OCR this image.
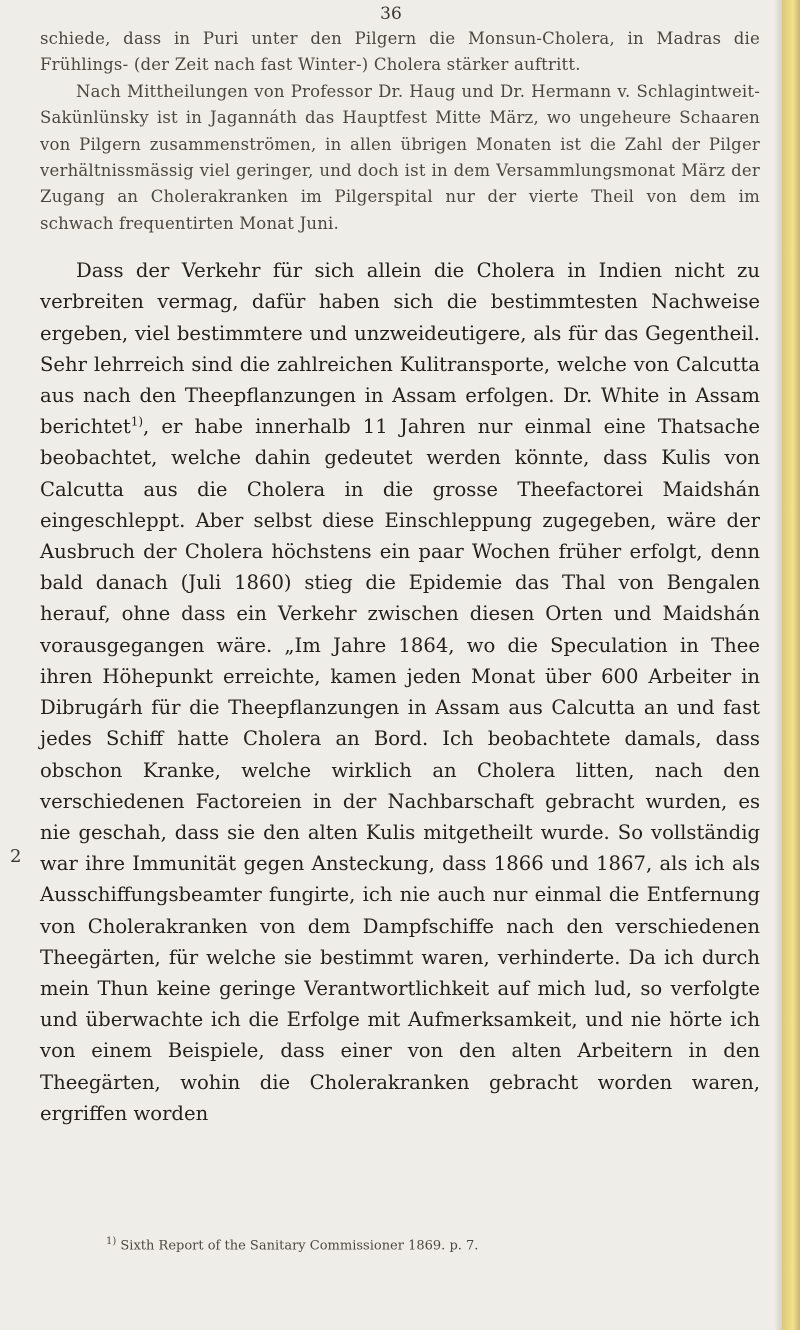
36

schiede, dass in Puri unter den Pilgern die Monsun-Cholera, in Madras die Frühlings- (der Zeit nach fast Winter-) Cholera stärker auftritt.

Nach Mittheilungen von Professor Dr. Haug und Dr. Hermann v. Schlagintweit-Sakünlünsky ist in Jagannáth das Hauptfest Mitte März, wo ungeheure Schaaren von Pilgern zusammenströmen, in allen übrigen Monaten ist die Zahl der Pilger verhältnissmässig viel geringer, und doch ist in dem Versammlungsmonat März der Zugang an Cholerakranken im Pilgerspital nur der vierte Theil von dem im schwach frequentirten Monat Juni.

Dass der Verkehr für sich allein die Cholera in Indien nicht zu verbreiten vermag, dafür haben sich die bestimmtesten Nachweise ergeben, viel bestimmtere und unzweideutigere, als für das Gegentheil. Sehr lehrreich sind die zahlreichen Kulitransporte, welche von Calcutta aus nach den Theepflanzungen in Assam erfolgen. Dr. White in Assam berichtet$^{1)}$, er habe innerhalb 11 Jahren nur einmal eine Thatsache beobachtet, welche dahin gedeutet werden könnte, dass Kulis von Calcutta aus die Cholera in die grosse Theefactorei Maidshán eingeschleppt. Aber selbst diese Einschleppung zugegeben, wäre der Ausbruch der Cholera höchstens ein paar Wochen früher erfolgt, denn bald danach (Juli 1860) stieg die Epidemie das Thal von Bengalen herauf, ohne dass ein Verkehr zwischen diesen Orten und Maidshán vorausgegangen wäre. „Im Jahre 1864, wo die Speculation in Thee ihren Höhepunkt erreichte, kamen jeden Monat über 600 Arbeiter in Dibrugárh für die Theepflanzungen in Assam aus Calcutta an und fast jedes Schiff hatte Cholera an Bord. Ich beobachtete damals, dass obschon Kranke, welche wirklich an Cholera litten, nach den verschiedenen Factoreien in der Nachbarschaft gebracht wurden, es nie geschah, dass sie den alten Kulis mitgetheilt wurde. So vollständig war ihre Immunität gegen Ansteckung, dass 1866 und 1867, als ich als Ausschiffungsbeamter fungirte, ich nie auch nur einmal die Entfernung von Cholerakranken von dem Dampfschiffe nach den verschiedenen Theegärten, für welche sie bestimmt waren, verhinderte. Da ich durch mein Thun keine geringe Verantwortlichkeit auf mich lud, so verfolgte und überwachte ich die Erfolge mit Aufmerksamkeit, und nie hörte ich von einem Beispiele, dass einer von den alten Arbeitern in den Theegärten, wohin die Cholerakranken gebracht worden waren, ergriffen worden

2
$^{1)}$ Sixth Report of the Sanitary Commissioner 1869. p. 7.
